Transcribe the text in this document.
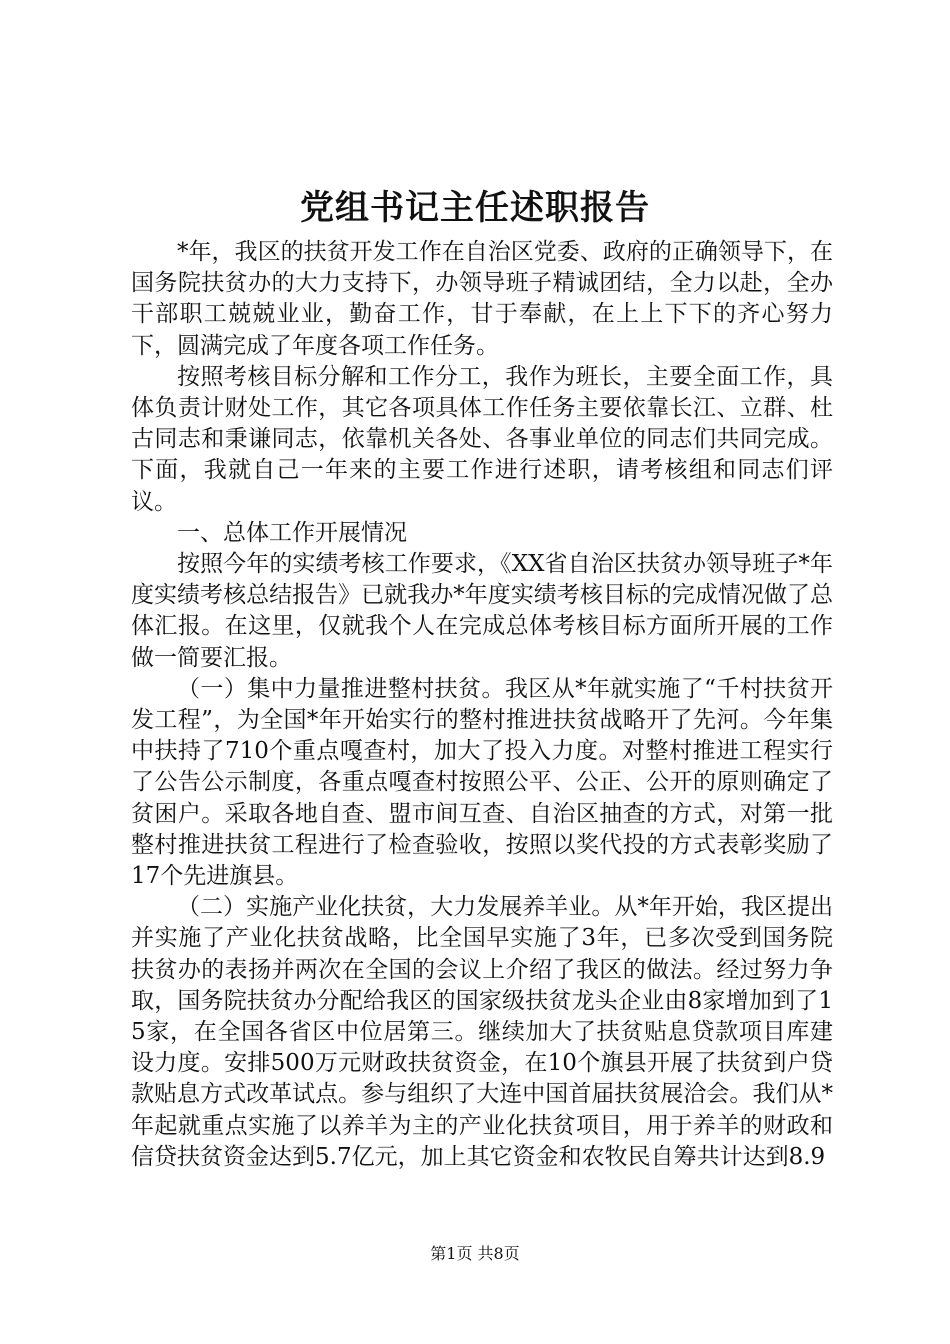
党组书记主任述职报告

*年，我区的扶贫开发工作在自治区党委、政府的正确领导下，在国务院扶贫办的大力支持下，办领导班子精诚团结，全力以赴，全办干部职工兢兢业业，勤奋工作，甘于奉献，在上上下下的齐心努力下，圆满完成了年度各项工作任务。

按照考核目标分解和工作分工，我作为班长，主要全面工作，具体负责计财处工作，其它各项具体工作任务主要依靠长江、立群、杜古同志和秉谦同志，依靠机关各处、各事业单位的同志们共同完成。下面，我就自己一年来的主要工作进行述职，请考核组和同志们评议。

一、总体工作开展情况

按照今年的实绩考核工作要求，《XX省自治区扶贫办领导班子*年度实绩考核总结报告》已就我办*年度实绩考核目标的完成情况做了总体汇报。在这里，仅就我个人在完成总体考核目标方面所开展的工作做一简要汇报。

（一）集中力量推进整村扶贫。我区从*年就实施了“千村扶贫开发工程”，为全国*年开始实行的整村推进扶贫战略开了先河。今年集中扶持了710个重点嘎查村，加大了投入力度。对整村推进工程实行了公告公示制度，各重点嘎查村按照公平、公正、公开的原则确定了贫困户。采取各地自查、盟市间互查、自治区抽查的方式，对第一批整村推进扶贫工程进行了检查验收，按照以奖代投的方式表彰奖励了17个先进旗县。

（二）实施产业化扶贫，大力发展养羊业。从*年开始，我区提出并实施了产业化扶贫战略，比全国早实施了3年，已多次受到国务院扶贫办的表扬并两次在全国的会议上介绍了我区的做法。经过努力争取，国务院扶贫办分配给我区的国家级扶贫龙头企业由8家增加到了15家，在全国各省区中位居第三。继续加大了扶贫贴息贷款项目库建设力度。安排500万元财政扶贫资金，在10个旗县开展了扶贫到户贷款贴息方式改革试点。参与组织了大连中国首届扶贫展洽会。我们从*年起就重点实施了以养羊为主的产业化扶贫项目，用于养羊的财政和信贷扶贫资金达到5.7亿元，加上其它资金和农牧民自筹共计达到8.9

第1页 共8页
